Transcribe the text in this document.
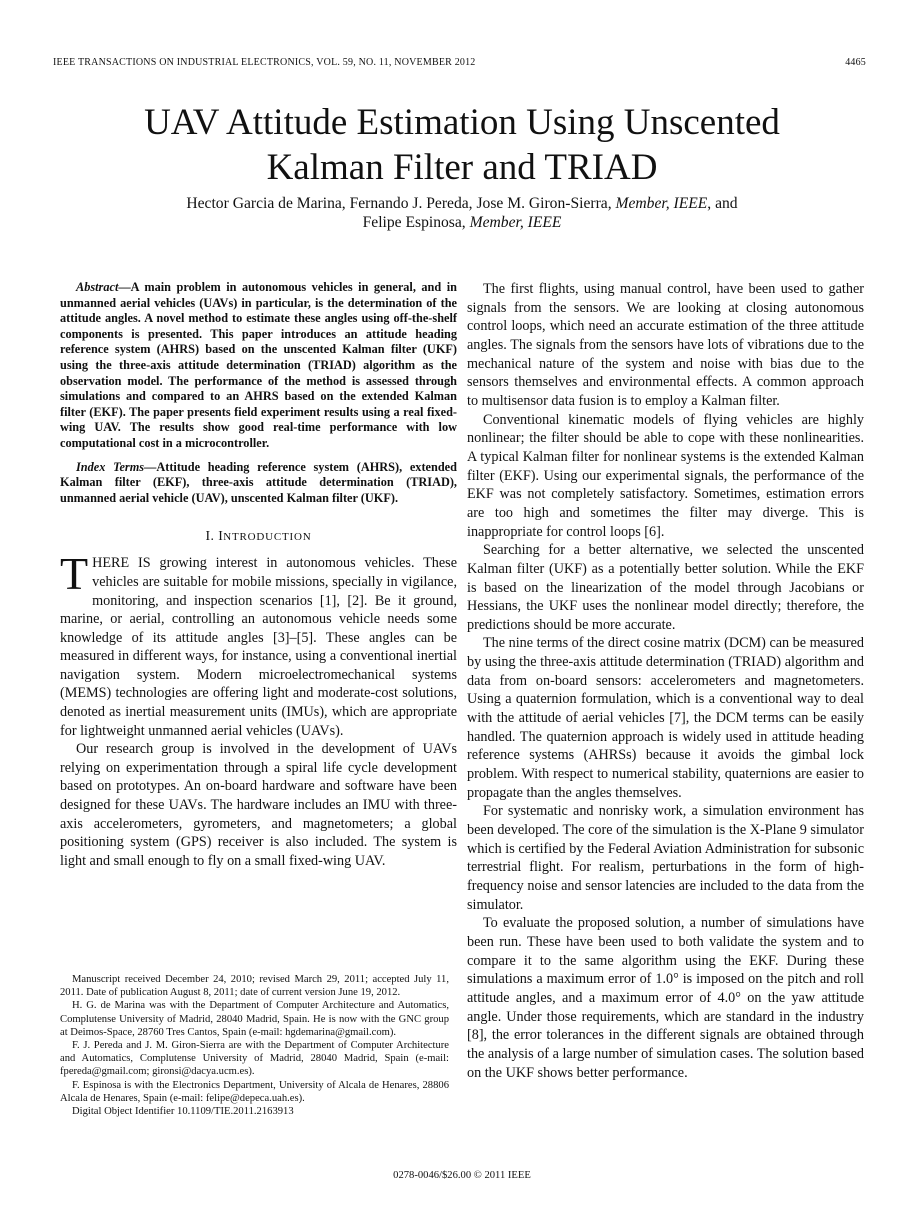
IEEE TRANSACTIONS ON INDUSTRIAL ELECTRONICS, VOL. 59, NO. 11, NOVEMBER 2012	4465
UAV Attitude Estimation Using Unscented
Kalman Filter and TRIAD
Hector Garcia de Marina, Fernando J. Pereda, Jose M. Giron-Sierra, Member, IEEE, and
Felipe Espinosa, Member, IEEE

Abstract—A main problem in autonomous vehicles in general, and in unmanned aerial vehicles (UAVs) in particular, is the determination of the attitude angles. A novel method to estimate these angles using off-the-shelf components is presented. This paper introduces an attitude heading reference system (AHRS) based on the unscented Kalman filter (UKF) using the three-axis attitude determination (TRIAD) algorithm as the observation model. The performance of the method is assessed through simulations and compared to an AHRS based on the extended Kalman filter (EKF). The paper presents field experiment results using a real fixed-wing UAV. The results show good real-time performance with low computational cost in a microcontroller.

Index Terms—Attitude heading reference system (AHRS), extended Kalman filter (EKF), three-axis attitude determination (TRIAD), unmanned aerial vehicle (UAV), unscented Kalman filter (UKF).

I. INTRODUCTION

THERE IS growing interest in autonomous vehicles. These vehicles are suitable for mobile missions, specially in vigilance, monitoring, and inspection scenarios [1], [2]. Be it ground, marine, or aerial, controlling an autonomous vehicle needs some knowledge of its attitude angles [3]–[5]. These angles can be measured in different ways, for instance, using a conventional inertial navigation system. Modern microelectromechanical systems (MEMS) technologies are offering light and moderate-cost solutions, denoted as inertial measurement units (IMUs), which are appropriate for lightweight unmanned aerial vehicles (UAVs).

Our research group is involved in the development of UAVs relying on experimentation through a spiral life cycle development based on prototypes. An on-board hardware and software have been designed for these UAVs. The hardware includes an IMU with three-axis accelerometers, gyrometers, and magnetometers; a global positioning system (GPS) receiver is also included. The system is light and small enough to fly on a small fixed-wing UAV.

Manuscript received December 24, 2010; revised March 29, 2011; accepted July 11, 2011. Date of publication August 8, 2011; date of current version June 19, 2012.

H. G. de Marina was with the Department of Computer Architecture and Automatics, Complutense University of Madrid, 28040 Madrid, Spain. He is now with the GNC group at Deimos-Space, 28760 Tres Cantos, Spain (e-mail: hgdemarina@gmail.com).

F. J. Pereda and J. M. Giron-Sierra are with the Department of Computer Architecture and Automatics, Complutense University of Madrid, 28040 Madrid, Spain (e-mail: fpereda@gmail.com; gironsi@dacya.ucm.es).

F. Espinosa is with the Electronics Department, University of Alcala de Henares, 28806 Alcala de Henares, Spain (e-mail: felipe@depeca.uah.es).

Digital Object Identifier 10.1109/TIE.2011.2163913

The first flights, using manual control, have been used to gather signals from the sensors. We are looking at closing autonomous control loops, which need an accurate estimation of the three attitude angles. The signals from the sensors have lots of vibrations due to the mechanical nature of the system and noise with bias due to the sensors themselves and environmental effects. A common approach to multisensor data fusion is to employ a Kalman filter.

Conventional kinematic models of flying vehicles are highly nonlinear; the filter should be able to cope with these nonlinearities. A typical Kalman filter for nonlinear systems is the extended Kalman filter (EKF). Using our experimental signals, the performance of the EKF was not completely satisfactory. Sometimes, estimation errors are too high and sometimes the filter may diverge. This is inappropriate for control loops [6].

Searching for a better alternative, we selected the unscented Kalman filter (UKF) as a potentially better solution. While the EKF is based on the linearization of the model through Jacobians or Hessians, the UKF uses the nonlinear model directly; therefore, the predictions should be more accurate.

The nine terms of the direct cosine matrix (DCM) can be measured by using the three-axis attitude determination (TRIAD) algorithm and data from on-board sensors: accelerometers and magnetometers. Using a quaternion formulation, which is a conventional way to deal with the attitude of aerial vehicles [7], the DCM terms can be easily handled. The quaternion approach is widely used in attitude heading reference systems (AHRSs) because it avoids the gimbal lock problem. With respect to numerical stability, quaternions are easier to propagate than the angles themselves.

For systematic and nonrisky work, a simulation environment has been developed. The core of the simulation is the X-Plane 9 simulator which is certified by the Federal Aviation Administration for subsonic terrestrial flight. For realism, perturbations in the form of high-frequency noise and sensor latencies are included to the data from the simulator.

To evaluate the proposed solution, a number of simulations have been run. These have been used to both validate the system and to compare it to the same algorithm using the EKF. During these simulations a maximum error of 1.0° is imposed on the pitch and roll attitude angles, and a maximum error of 4.0° on the yaw attitude angle. Under those requirements, which are standard in the industry [8], the error tolerances in the different signals are obtained through the analysis of a large number of simulation cases. The solution based on the UKF shows better performance.

0278-0046/$26.00 © 2011 IEEE
